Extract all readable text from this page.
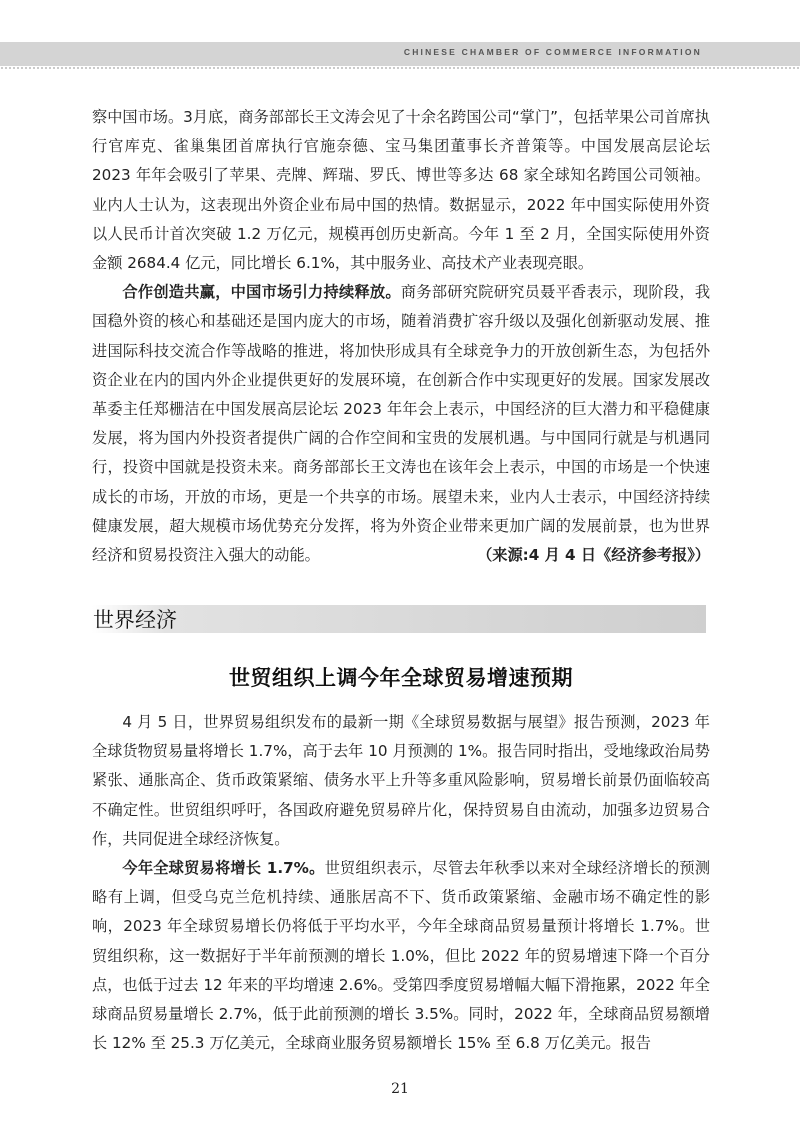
CHINESE CHAMBER OF COMMERCE INFORMATION

察中国市场。3月底，商务部部长王文涛会见了十余名跨国公司“掌门”，包括苹果公司首席执行官库克、雀巢集团首席执行官施奈德、宝马集团董事长齐普策等。中国发展高层论坛 2023 年年会吸引了苹果、壳牌、辉瑞、罗氏、博世等多达 68 家全球知名跨国公司领袖。业内人士认为，这表现出外资企业布局中国的热情。数据显示，2022 年中国实际使用外资以人民币计首次突破 1.2 万亿元，规模再创历史新高。今年 1 至 2 月，全国实际使用外资金额 2684.4 亿元，同比增长 6.1%，其中服务业、高技术产业表现亮眼。

合作创造共赢，中国市场引力持续释放。商务部研究院研究员聂平香表示，现阶段，我国稳外资的核心和基础还是国内庞大的市场，随着消费扩容升级以及强化创新驱动发展、推进国际科技交流合作等战略的推进，将加快形成具有全球竞争力的开放创新生态，为包括外资企业在内的国内外企业提供更好的发展环境，在创新合作中实现更好的发展。国家发展改革委主任郑栅洁在中国发展高层论坛 2023 年年会上表示，中国经济的巨大潜力和平稳健康发展，将为国内外投资者提供广阔的合作空间和宝贵的发展机遇。与中国同行就是与机遇同行，投资中国就是投资未来。商务部部长王文涛也在该年会上表示，中国的市场是一个快速成长的市场，开放的市场，更是一个共享的市场。展望未来，业内人士表示，中国经济持续健康发展，超大规模市场优势充分发挥，将为外资企业带来更加广阔的发展前景，也为世界经济和贸易投资注入强大的动能。	（来源:4 月 4 日《经济参考报》）

世界经济
世贸组织上调今年全球贸易增速预期

4 月 5 日，世界贸易组织发布的最新一期《全球贸易数据与展望》报告预测，2023 年全球货物贸易量将增长 1.7%，高于去年 10 月预测的 1%。报告同时指出，受地缘政治局势紧张、通胀高企、货币政策紧缩、债务水平上升等多重风险影响，贸易增长前景仍面临较高不确定性。世贸组织呼吁，各国政府避免贸易碎片化，保持贸易自由流动，加强多边贸易合作，共同促进全球经济恢复。

今年全球贸易将增长 1.7%。世贸组织表示，尽管去年秋季以来对全球经济增长的预测略有上调，但受乌克兰危机持续、通胀居高不下、货币政策紧缩、金融市场不确定性的影响，2023 年全球贸易增长仍将低于平均水平，今年全球商品贸易量预计将增长 1.7%。世贸组织称，这一数据好于半年前预测的增长 1.0%，但比 2022 年的贸易增速下降一个百分点，也低于过去 12 年来的平均增速 2.6%。受第四季度贸易增幅大幅下滑拖累，2022 年全球商品贸易量增长 2.7%，低于此前预测的增长 3.5%。同时，2022 年，全球商品贸易额增长 12% 至 25.3 万亿美元，全球商业服务贸易额增长 15% 至 6.8 万亿美元。报告

21
